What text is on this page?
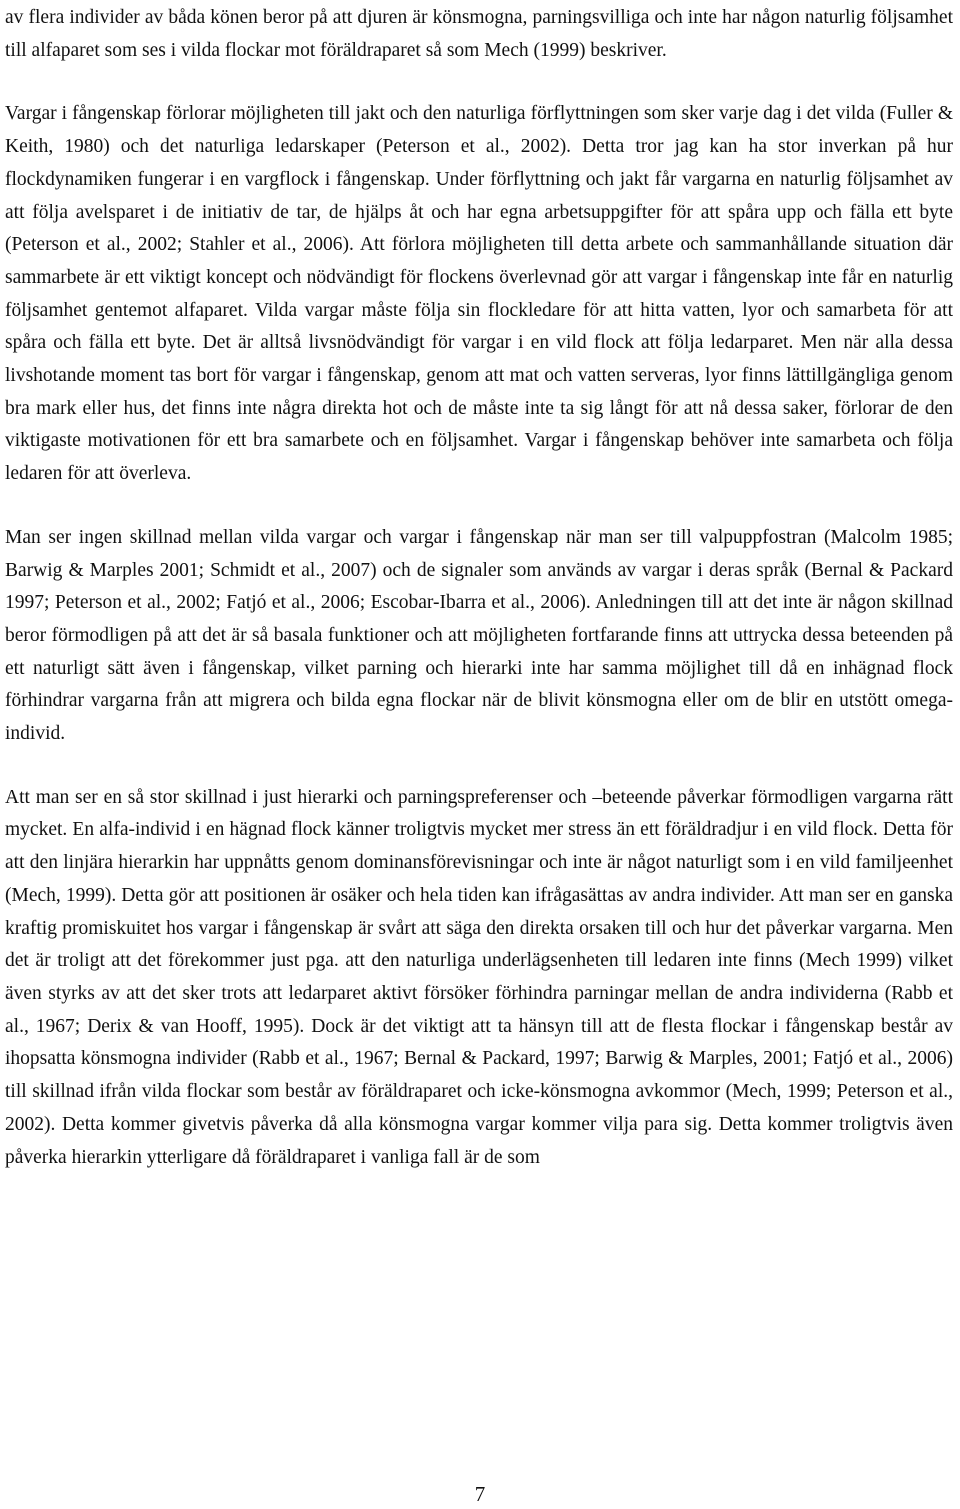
av flera individer av båda könen beror på att djuren är könsmogna, parningsvilliga och inte har någon naturlig följsamhet till alfaparet som ses i vilda flockar mot föräldraparet så som Mech (1999) beskriver.

Vargar i fångenskap förlorar möjligheten till jakt och den naturliga förflyttningen som sker varje dag i det vilda (Fuller & Keith, 1980) och det naturliga ledarskaper (Peterson et al., 2002). Detta tror jag kan ha stor inverkan på hur flockdynamiken fungerar i en vargflock i fångenskap. Under förflyttning och jakt får vargarna en naturlig följsamhet av att följa avelsparet i de initiativ de tar, de hjälps åt och har egna arbetsuppgifter för att spåra upp och fälla ett byte (Peterson et al., 2002; Stahler et al., 2006). Att förlora möjligheten till detta arbete och sammanhållande situation där sammarbete är ett viktigt koncept och nödvändigt för flockens överlevnad gör att vargar i fångenskap inte får en naturlig följsamhet gentemot alfaparet. Vilda vargar måste följa sin flockledare för att hitta vatten, lyor och samarbeta för att spåra och fälla ett byte. Det är alltså livsnödvändigt för vargar i en vild flock att följa ledarparet. Men när alla dessa livshotande moment tas bort för vargar i fångenskap, genom att mat och vatten serveras, lyor finns lättillgängliga genom bra mark eller hus, det finns inte några direkta hot och de måste inte ta sig långt för att nå dessa saker, förlorar de den viktigaste motivationen för ett bra samarbete och en följsamhet. Vargar i fångenskap behöver inte samarbeta och följa ledaren för att överleva.

Man ser ingen skillnad mellan vilda vargar och vargar i fångenskap när man ser till valpuppfostran (Malcolm 1985; Barwig & Marples 2001; Schmidt et al., 2007) och de signaler som används av vargar i deras språk (Bernal & Packard 1997; Peterson et al., 2002; Fatjó et al., 2006; Escobar-Ibarra et al., 2006). Anledningen till att det inte är någon skillnad beror förmodligen på att det är så basala funktioner och att möjligheten fortfarande finns att uttrycka dessa beteenden på ett naturligt sätt även i fångenskap, vilket parning och hierarki inte har samma möjlighet till då en inhägnad flock förhindrar vargarna från att migrera och bilda egna flockar när de blivit könsmogna eller om de blir en utstött omega-individ.

Att man ser en så stor skillnad i just hierarki och parningspreferenser och –beteende påverkar förmodligen vargarna rätt mycket. En alfa-individ i en hägnad flock känner troligtvis mycket mer stress än ett föräldradjur i en vild flock. Detta för att den linjära hierarkin har uppnåtts genom dominansförevisningar och inte är något naturligt som i en vild familjeenhet (Mech, 1999). Detta gör att positionen är osäker och hela tiden kan ifrågasättas av andra individer. Att man ser en ganska kraftig promiskuitet hos vargar i fångenskap är svårt att säga den direkta orsaken till och hur det påverkar vargarna. Men det är troligt att det förekommer just pga. att den naturliga underlägsenheten till ledaren inte finns (Mech 1999) vilket även styrks av att det sker trots att ledarparet aktivt försöker förhindra parningar mellan de andra individerna (Rabb et al., 1967; Derix & van Hooff, 1995). Dock är det viktigt att ta hänsyn till att de flesta flockar i fångenskap består av ihopsatta könsmogna individer (Rabb et al., 1967; Bernal & Packard, 1997; Barwig & Marples, 2001; Fatjó et al., 2006) till skillnad ifrån vilda flockar som består av föräldraparet och icke-könsmogna avkommor (Mech, 1999; Peterson et al., 2002). Detta kommer givetvis påverka då alla könsmogna vargar kommer vilja para sig. Detta kommer troligtvis även påverka hierarkin ytterligare då föräldraparet i vanliga fall är de som

7
